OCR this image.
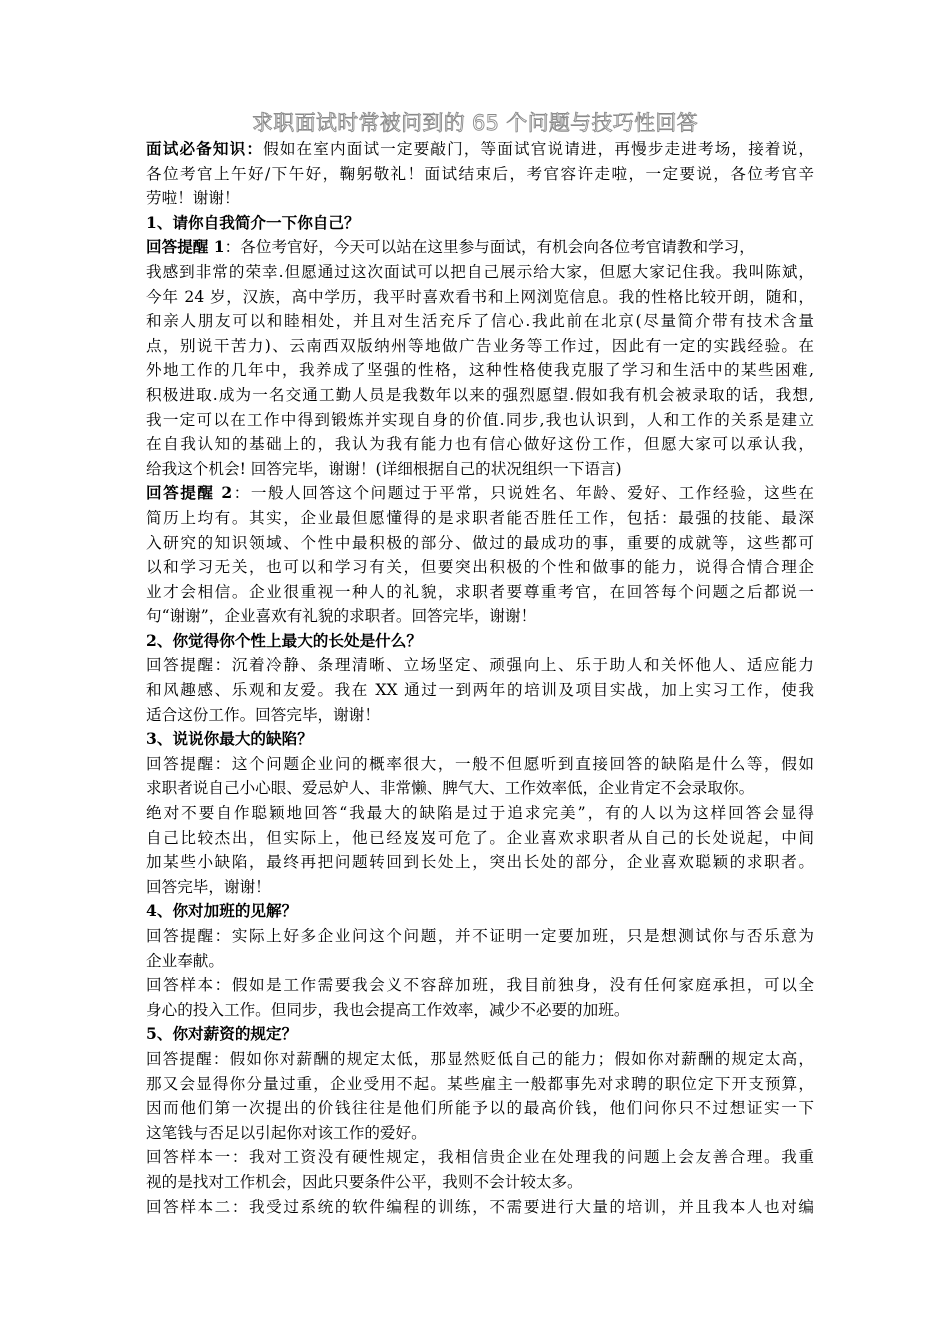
求职面试时常被问到的 65 个问题与技巧性回答

面试必备知识：假如在室内面试一定要敲门，等面试官说请进，再慢步走进考场，接着说，
各位考官上午好/下午好，鞠躬敬礼！面试结束后，考官容许走啦，一定要说，各位考官辛
劳啦！谢谢！

1、请你自我简介一下你自己？

回答提醒 1：各位考官好，今天可以站在这里参与面试，有机会向各位考官请教和学习，
我感到非常的荣幸.但愿通过这次面试可以把自己展示给大家，但愿大家记住我。我叫陈斌，
今年 24 岁，汉族，高中学历，我平时喜欢看书和上网浏览信息。我的性格比较开朗，随和，
和亲人朋友可以和睦相处，并且对生活充斥了信心.我此前在北京(尽量简介带有技术含量
点，别说干苦力)、云南西双版纳州等地做广告业务等工作过，因此有一定的实践经验。在
外地工作的几年中，我养成了坚强的性格，这种性格使我克服了学习和生活中的某些困难,
积极进取.成为一名交通工勤人员是我数年以来的强烈愿望.假如我有机会被录取的话，我想,
我一定可以在工作中得到锻炼并实现自身的价值.同步,我也认识到，人和工作的关系是建立
在自我认知的基础上的，我认为我有能力也有信心做好这份工作，但愿大家可以承认我，
给我这个机会! 回答完毕，谢谢！(详细根据自己的状况组织一下语言)

回答提醒 2：一般人回答这个问题过于平常，只说姓名、年龄、爱好、工作经验，这些在
简历上均有。其实，企业最但愿懂得的是求职者能否胜任工作，包括：最强的技能、最深
入研究的知识领域、个性中最积极的部分、做过的最成功的事，重要的成就等，这些都可
以和学习无关，也可以和学习有关，但要突出积极的个性和做事的能力，说得合情合理企
业才会相信。企业很重视一种人的礼貌，求职者要尊重考官，在回答每个问题之后都说一
句“谢谢”，企业喜欢有礼貌的求职者。回答完毕，谢谢！

2、你觉得你个性上最大的长处是什么？

回答提醒：沉着冷静、条理清晰、立场坚定、顽强向上、乐于助人和关怀他人、适应能力
和风趣感、乐观和友爱。我在 XX 通过一到两年的培训及项目实战，加上实习工作，使我
适合这份工作。回答完毕，谢谢！

3、说说你最大的缺陷？

回答提醒：这个问题企业问的概率很大，一般不但愿听到直接回答的缺陷是什么等，假如
求职者说自己小心眼、爱忌妒人、非常懒、脾气大、工作效率低，企业肯定不会录取你。
绝对不要自作聪颖地回答“我最大的缺陷是过于追求完美”，有的人以为这样回答会显得
自己比较杰出，但实际上，他已经岌岌可危了。企业喜欢求职者从自己的长处说起，中间
加某些小缺陷，最终再把问题转回到长处上，突出长处的部分，企业喜欢聪颖的求职者。
回答完毕，谢谢！

4、你对加班的见解？

回答提醒：实际上好多企业问这个问题，并不证明一定要加班，只是想测试你与否乐意为
企业奉献。
回答样本：假如是工作需要我会义不容辞加班，我目前独身，没有任何家庭承担，可以全
身心的投入工作。但同步，我也会提高工作效率，减少不必要的加班。

5、你对薪资的规定？

回答提醒：假如你对薪酬的规定太低，那显然贬低自己的能力；假如你对薪酬的规定太高，
那又会显得你分量过重，企业受用不起。某些雇主一般都事先对求聘的职位定下开支预算，
因而他们第一次提出的价钱往往是他们所能予以的最高价钱，他们问你只不过想证实一下
这笔钱与否足以引起你对该工作的爱好。
回答样本一：我对工资没有硬性规定，我相信贵企业在处理我的问题上会友善合理。我重
视的是找对工作机会，因此只要条件公平，我则不会计较太多。
回答样本二：我受过系统的软件编程的训练，不需要进行大量的培训，并且我本人也对编
